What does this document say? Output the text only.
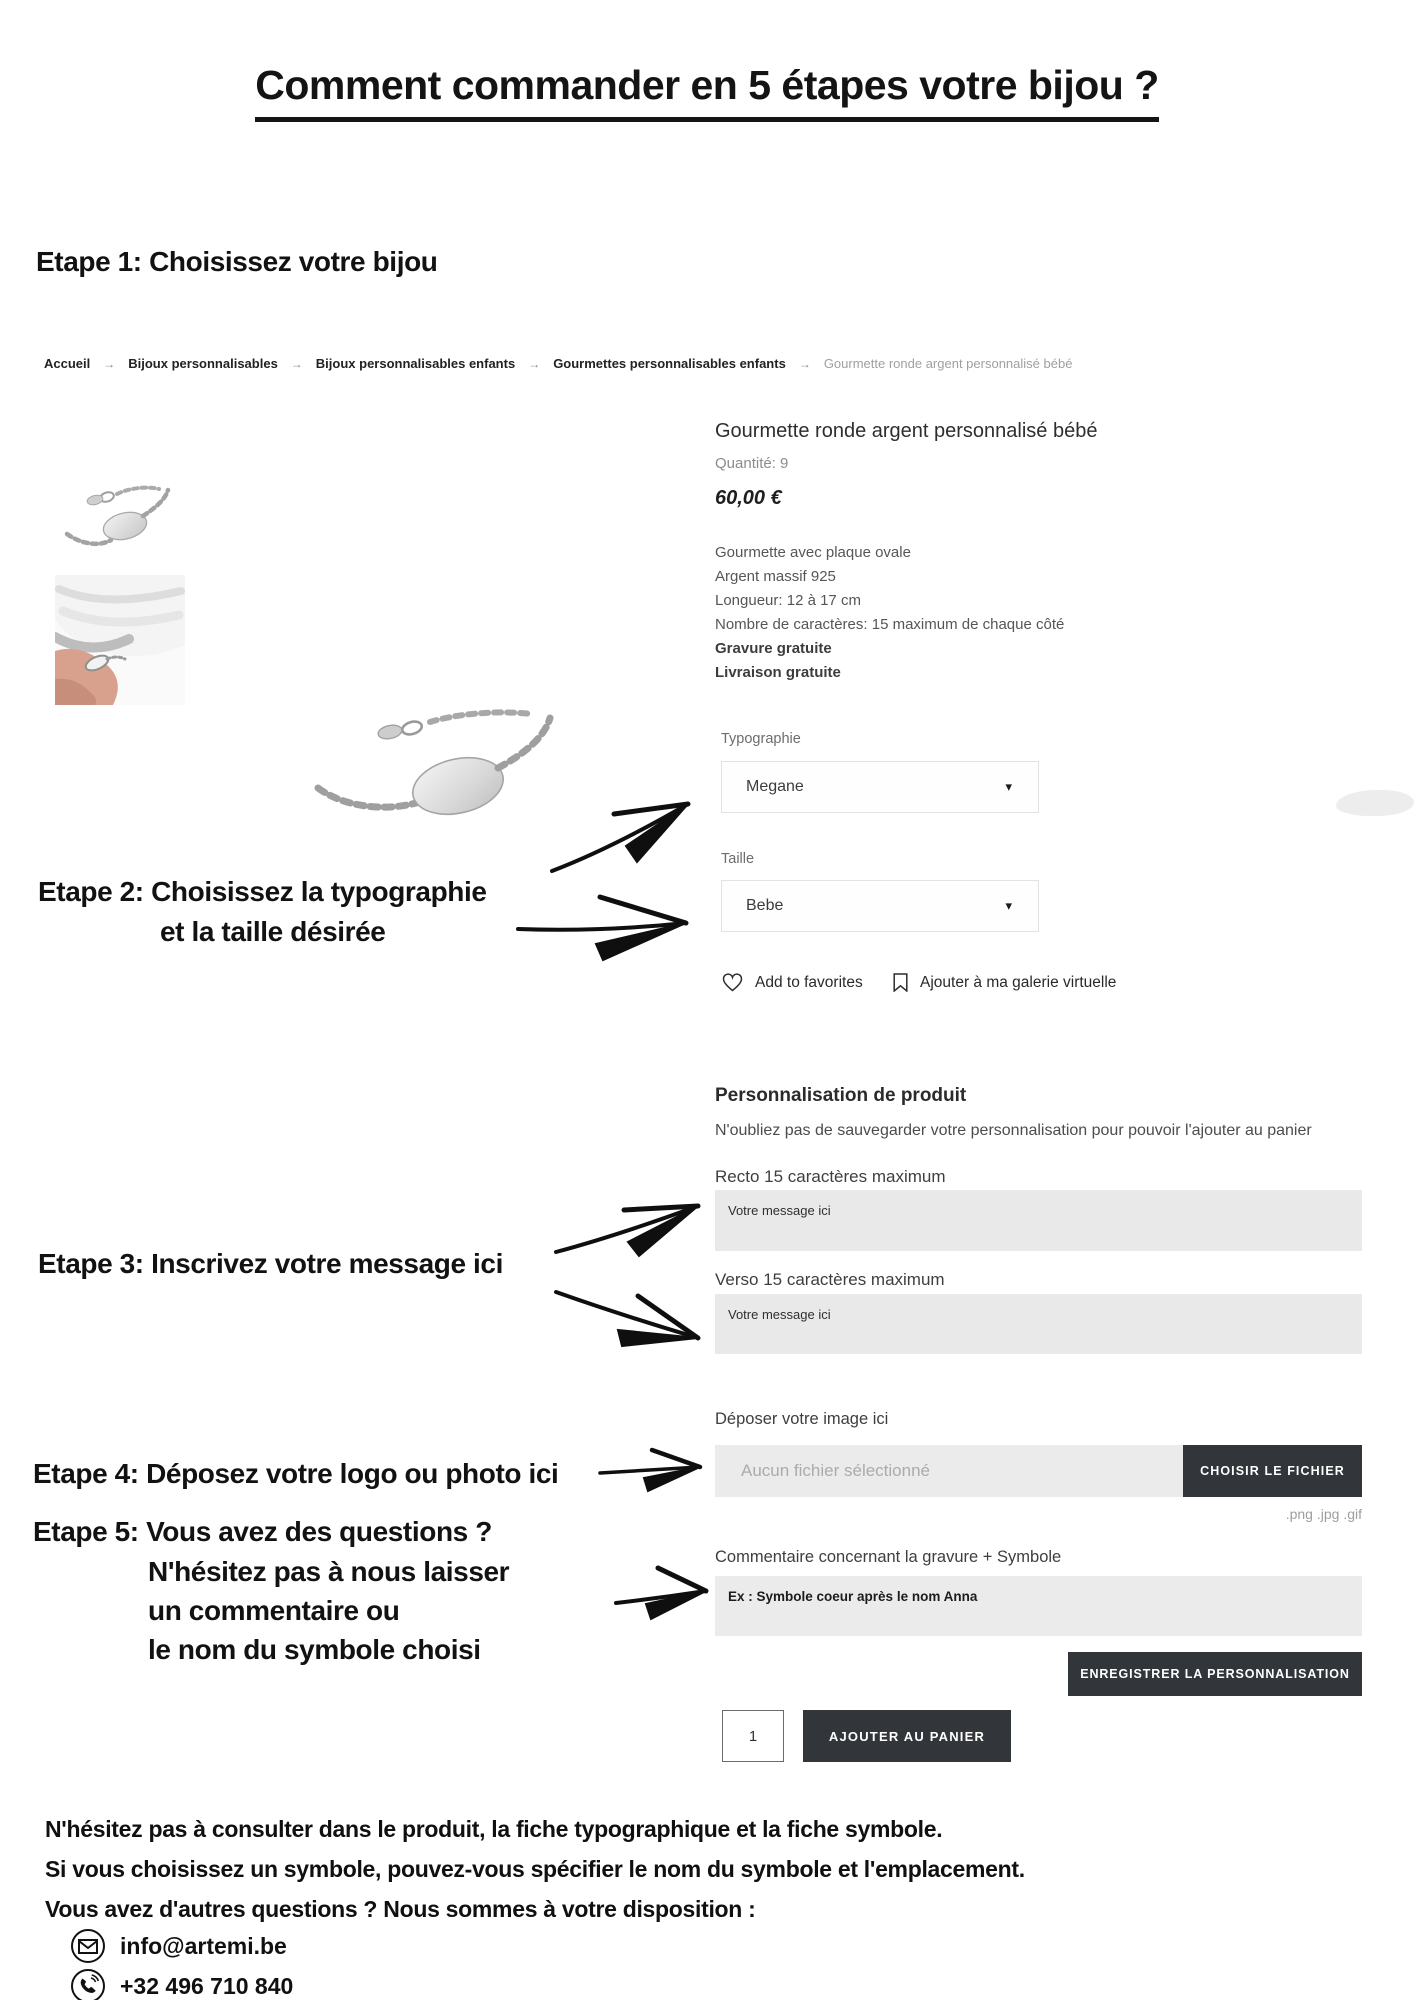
Comment commander en 5 étapes votre bijou ?
Etape 1: Choisissez votre bijou
Accueil → Bijoux personnalisables → Bijoux personnalisables enfants → Gourmettes personnalisables enfants → Gourmette ronde argent personnalisé bébé
Gourmette ronde argent personnalisé bébé
Quantité: 9
60,00 €
Gourmette avec plaque ovale
Argent massif 925
Longueur: 12 à 17 cm
Nombre de caractères: 15 maximum de chaque côté
Gravure gratuite
Livraison gratuite
Typographie
Megane	▾
Taille
Bebe	▾
Add to favorites	Ajouter à ma galerie virtuelle
Personnalisation de produit
N'oubliez pas de sauvegarder votre personnalisation pour pouvoir l'ajouter au panier
Recto 15 caractères maximum
Votre message ici
Verso 15 caractères maximum
Votre message ici
Déposer votre image ici
Aucun fichier sélectionné	CHOISIR LE FICHIER
.png .jpg .gif
Commentaire concernant la gravure + Symbole
Ex : Symbole coeur après le nom Anna
ENREGISTRER LA PERSONNALISATION
1	AJOUTER AU PANIER
Etape 2: Choisissez la typographie
et la taille désirée
Etape 3: Inscrivez votre message ici
Etape 4: Déposez votre logo ou photo ici
Etape 5: Vous avez des questions ?
N'hésitez pas à nous laisser
un commentaire ou
le nom du symbole choisi
N'hésitez pas à consulter dans le produit, la fiche typographique et la fiche symbole.
Si vous choisissez un symbole, pouvez-vous spécifier le nom du symbole et l'emplacement.
Vous avez d'autres questions ? Nous sommes à votre disposition :
info@artemi.be
+32 496 710 840
